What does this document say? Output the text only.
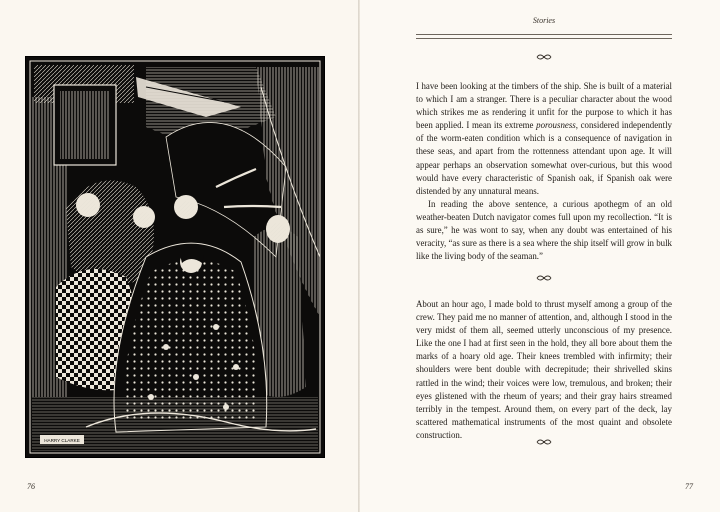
HARRY CLARKE
76
Stories

I have been looking at the timbers of the ship. She is built of a material to which I am a stranger. There is a peculiar character about the wood which strikes me as rendering it unfit for the purpose to which it has been applied. I mean its extreme porousness, considered independently of the worm-eaten condition which is a consequence of navigation in these seas, and apart from the rottenness attendant upon age. It will appear perhaps an observation somewhat over-curious, but this wood would have every characteristic of Spanish oak, if Spanish oak were distended by any unnatural means.

In reading the above sentence, a curious apothegm of an old weather-beaten Dutch navigator comes full upon my recollection. “It is as sure,” he was wont to say, when any doubt was entertained of his veracity, “as sure as there is a sea where the ship itself will grow in bulk like the living body of the seaman.”

About an hour ago, I made bold to thrust myself among a group of the crew. They paid me no manner of attention, and, although I stood in the very midst of them all, seemed utterly unconscious of my presence. Like the one I had at first seen in the hold, they all bore about them the marks of a hoary old age. Their knees trembled with infirmity; their shoulders were bent double with decrepitude; their shrivelled skins rattled in the wind; their voices were low, tremulous, and broken; their eyes glistened with the rheum of years; and their gray hairs streamed terribly in the tempest. Around them, on every part of the deck, lay scattered mathematical instruments of the most quaint and obsolete construction.

77
